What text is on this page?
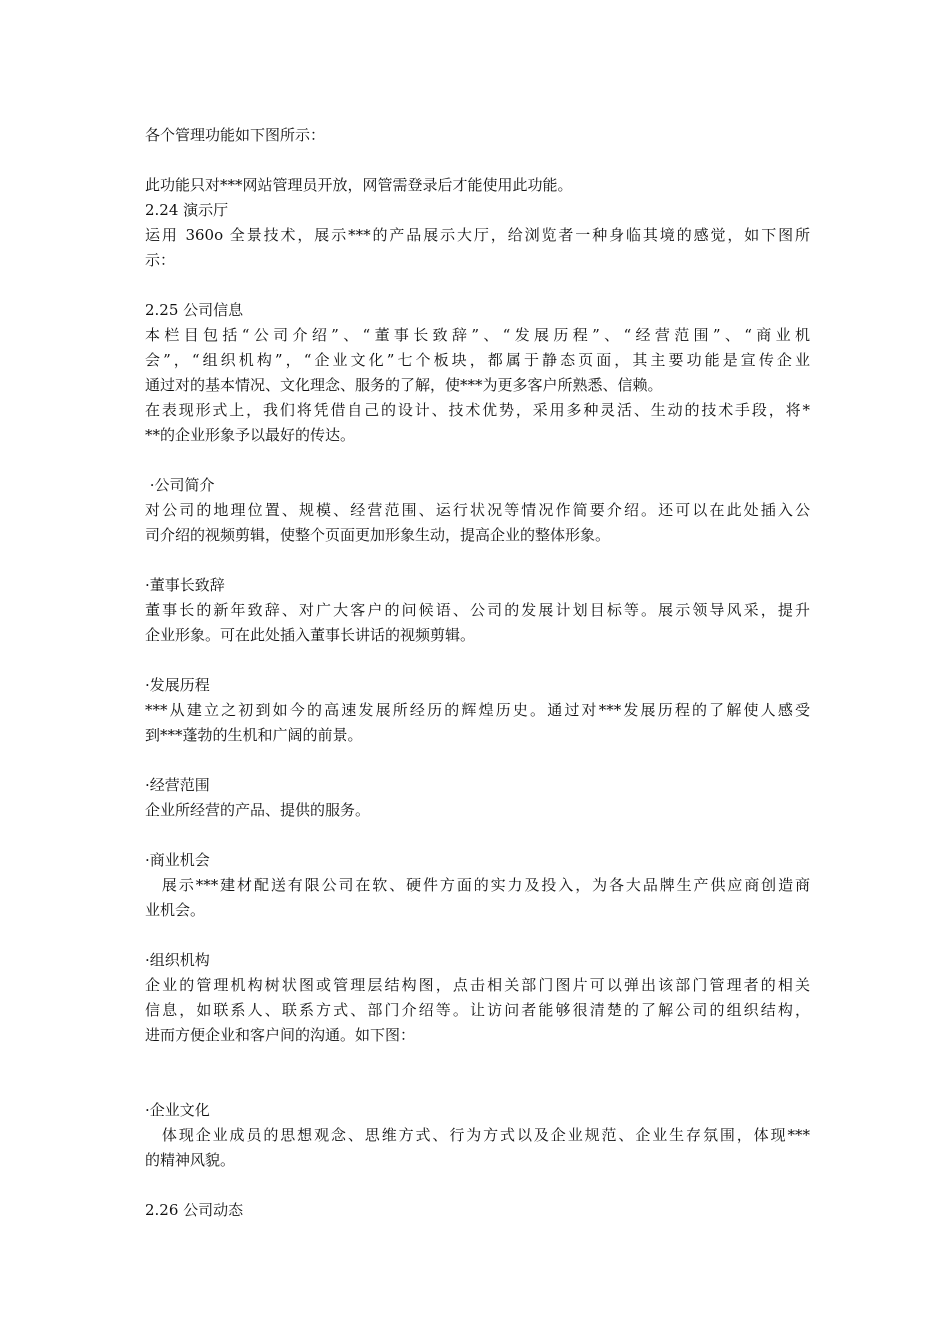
各个管理功能如下图所示：
此功能只对***网站管理员开放，网管需登录后才能使用此功能。
2.24 演示厅
运用 360o 全景技术，展示***的产品展示大厅，给浏览者一种身临其境的感觉，如下图所
示：
2.25 公司信息
本栏目包括“公司介绍”、“董事长致辞”、“发展历程”、“经营范围”、“商业机
会”，“组织机构”，“企业文化”七个板块，都属于静态页面，其主要功能是宣传企业
通过对的基本情况、文化理念、服务的了解，使***为更多客户所熟悉、信赖。
在表现形式上，我们将凭借自己的设计、技术优势，采用多种灵活、生动的技术手段，将*
**的企业形象予以最好的传达。
·公司简介
对公司的地理位置、规模、经营范围、运行状况等情况作简要介绍。还可以在此处插入公
司介绍的视频剪辑，使整个页面更加形象生动，提高企业的整体形象。
·董事长致辞
董事长的新年致辞、对广大客户的问候语、公司的发展计划目标等。展示领导风采，提升
企业形象。可在此处插入董事长讲话的视频剪辑。
·发展历程
***从建立之初到如今的高速发展所经历的辉煌历史。通过对***发展历程的了解使人感受
到***蓬勃的生机和广阔的前景。
·经营范围
企业所经营的产品、提供的服务。
·商业机会
　展示***建材配送有限公司在软、硬件方面的实力及投入，为各大品牌生产供应商创造商
业机会。
·组织机构
企业的管理机构树状图或管理层结构图，点击相关部门图片可以弹出该部门管理者的相关
信息，如联系人、联系方式、部门介绍等。让访问者能够很清楚的了解公司的组织结构，
进而方便企业和客户间的沟通。如下图：
·企业文化
　体现企业成员的思想观念、思维方式、行为方式以及企业规范、企业生存氛围，体现***
的精神风貌。
2.26 公司动态
